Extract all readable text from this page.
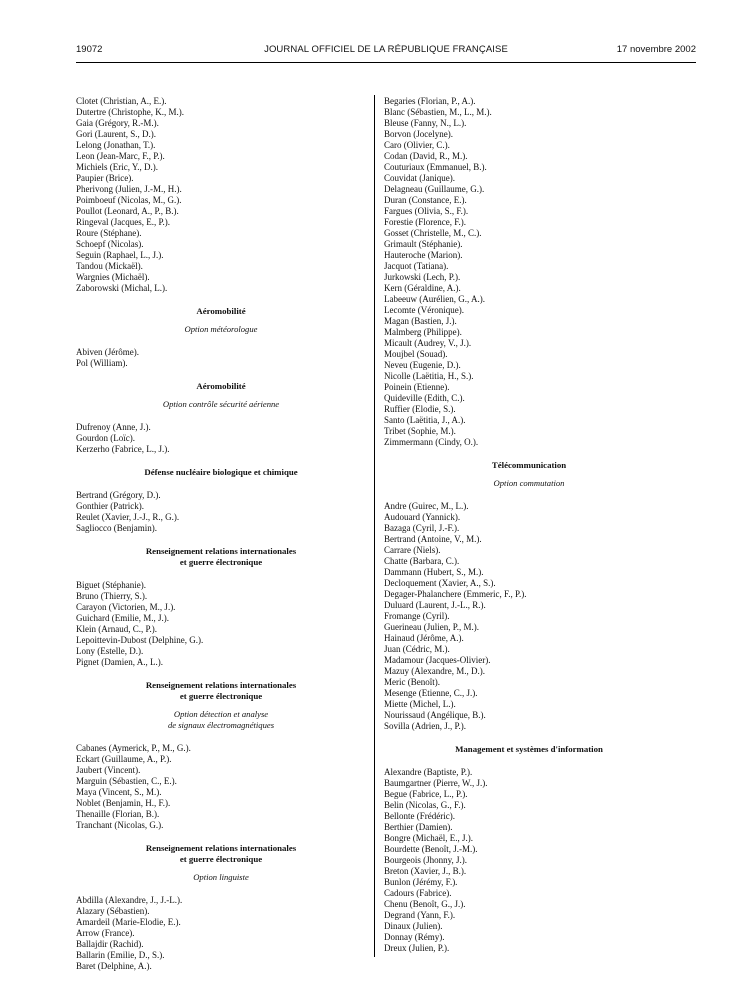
19072	JOURNAL OFFICIEL DE LA RÉPUBLIQUE FRANÇAISE	17 novembre 2002
Clotet (Christian, A., E.).
Dutertre (Christophe, K., M.).
Gaia (Grégory, R.-M.).
Gori (Laurent, S., D.).
Lelong (Jonathan, T.).
Leon (Jean-Marc, F., P.).
Michiels (Eric, Y., D.).
Paupier (Brice).
Pherivong (Julien, J.-M., H.).
Poimboeuf (Nicolas, M., G.).
Poullot (Leonard, A., P., B.).
Ringeval (Jacques, E., P.).
Roure (Stéphane).
Schoepf (Nicolas).
Seguin (Raphael, L., J.).
Tandou (Mickaël).
Wargnies (Michaël).
Zaborowski (Michal, L.).
Aéromobilité
Option météorologue
Abiven (Jérôme).
Pol (William).
Aéromobilité
Option contrôle sécurité aérienne
Dufrenoy (Anne, J.).
Gourdon (Loïc).
Kerzerho (Fabrice, L., J.).
Défense nucléaire biologique et chimique
Bertrand (Grégory, D.).
Gonthier (Patrick).
Reulet (Xavier, J.-J., R., G.).
Sagliocco (Benjamin).
Renseignement relations internationales
et guerre électronique
Biguet (Stéphanie).
Bruno (Thierry, S.).
Carayon (Victorien, M., J.).
Guichard (Emilie, M., J.).
Klein (Arnaud, C., P.).
Lepoittevin-Dubost (Delphine, G.).
Lony (Estelle, D.).
Pignet (Damien, A., L.).
Renseignement relations internationales
et guerre électronique
Option détection et analyse
de signaux électromagnétiques
Cabanes (Aymerick, P., M., G.).
Eckart (Guillaume, A., P.).
Jaubert (Vincent).
Marguin (Sébastien, C., E.).
Maya (Vincent, S., M.).
Noblet (Benjamin, H., F.).
Thenaille (Florian, B.).
Tranchant (Nicolas, G.).
Renseignement relations internationales
et guerre électronique
Option linguiste
Abdilla (Alexandre, J., J.-L.).
Alazary (Sébastien).
Amardeil (Marie-Elodie, E.).
Arrow (France).
Ballajdir (Rachid).
Ballarin (Emilie, D., S.).
Baret (Delphine, A.).
Begaries (Florian, P., A.).
Blanc (Sébastien, M., L., M.).
Bleuse (Fanny, N., L.).
Borvon (Jocelyne).
Caro (Olivier, C.).
Codan (David, R., M.).
Couturiaux (Emmanuel, B.).
Couvidat (Janique).
Delagneau (Guillaume, G.).
Duran (Constance, E.).
Fargues (Olivia, S., F.).
Forestie (Florence, F.).
Gosset (Christelle, M., C.).
Grimault (Stéphanie).
Hauteroche (Marion).
Jacquot (Tatiana).
Jurkowski (Lech, P.).
Kern (Géraldine, A.).
Labeeuw (Aurélien, G., A.).
Lecomte (Véronique).
Magan (Bastien, J.).
Malmberg (Philippe).
Micault (Audrey, V., J.).
Moujbel (Souad).
Neveu (Eugenie, D.).
Nicolle (Laëtitia, H., S.).
Poinein (Etienne).
Quideville (Edith, C.).
Ruffier (Elodie, S.).
Santo (Laëtitia, J., A.).
Tribet (Sophie, M.).
Zimmermann (Cindy, O.).
Télécommunication
Option commutation
Andre (Guirec, M., L.).
Audouard (Yannick).
Bazaga (Cyril, J.-F.).
Bertrand (Antoine, V., M.).
Carrare (Niels).
Chatte (Barbara, C.).
Dammann (Hubert, S., M.).
Decloquement (Xavier, A., S.).
Degager-Phalanchere (Emmeric, F., P.).
Duluard (Laurent, J.-L., R.).
Fromange (Cyril).
Guerineau (Julien, P., M.).
Hainaud (Jérôme, A.).
Juan (Cédric, M.).
Madamour (Jacques-Olivier).
Mazuy (Alexandre, M., D.).
Meric (Benoît).
Mesenge (Etienne, C., J.).
Miette (Michel, L.).
Nourissaud (Angélique, B.).
Sovilla (Adrien, J., P.).
Management et systèmes d'information
Alexandre (Baptiste, P.).
Baumgartner (Pierre, W., J.).
Begue (Fabrice, L., P.).
Belin (Nicolas, G., F.).
Bellonte (Frédéric).
Berthier (Damien).
Bongre (Michaël, E., J.).
Bourdette (Benoît, J.-M.).
Bourgeois (Jhonny, J.).
Breton (Xavier, J., B.).
Bunlon (Jérémy, F.).
Cadours (Fabrice).
Chenu (Benoît, G., J.).
Degrand (Yann, F.).
Dinaux (Julien).
Donnay (Rémy).
Dreux (Julien, P.).
